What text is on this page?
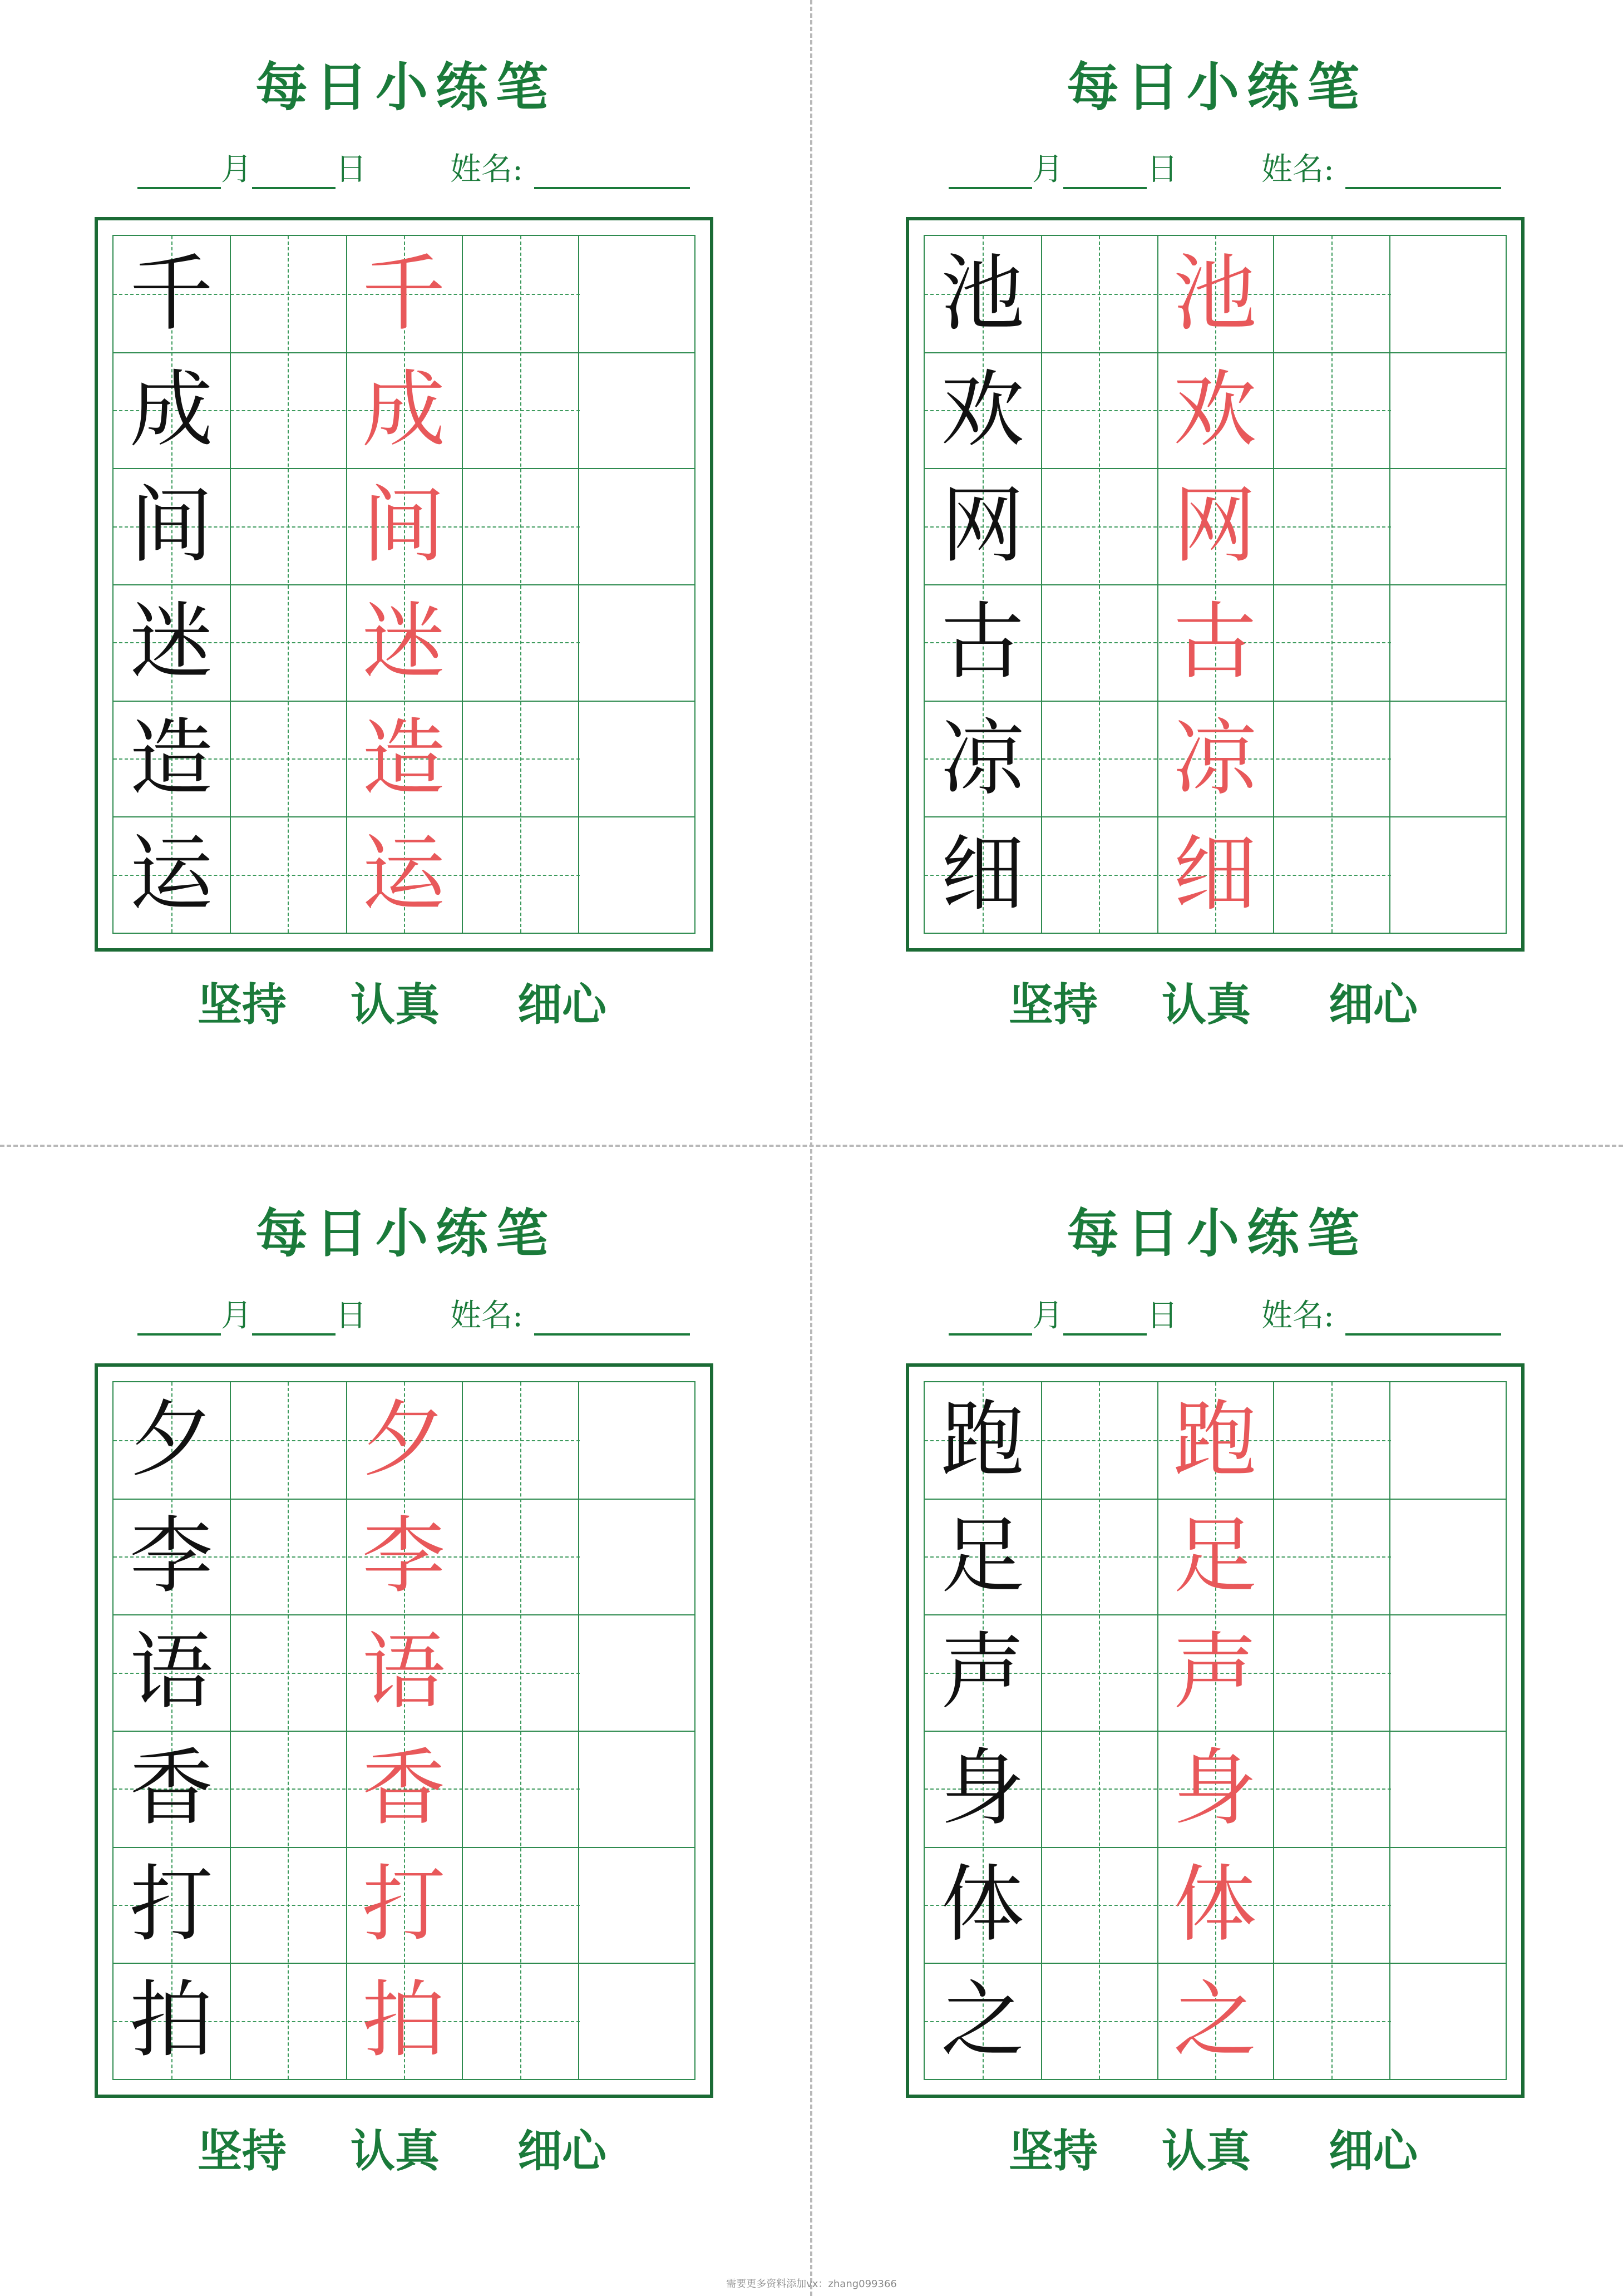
每日小练笔
月	日	姓名:
千 千
成 成
间 间
迷 迷
造 造
运 运
坚持 认真 细心
每日小练笔
月	日	姓名:
池 池
欢 欢
网 网
古 古
凉 凉
细 细
坚持 认真 细心
每日小练笔
月	日	姓名:
夕 夕
李 李
语 语
香 香
打 打
拍 拍
坚持 认真 细心
每日小练笔
月	日	姓名:
跑 跑
足 足
声 声
身 身
体 体
之 之
坚持 认真 细心
需要更多资料添加vx：zhang099366
